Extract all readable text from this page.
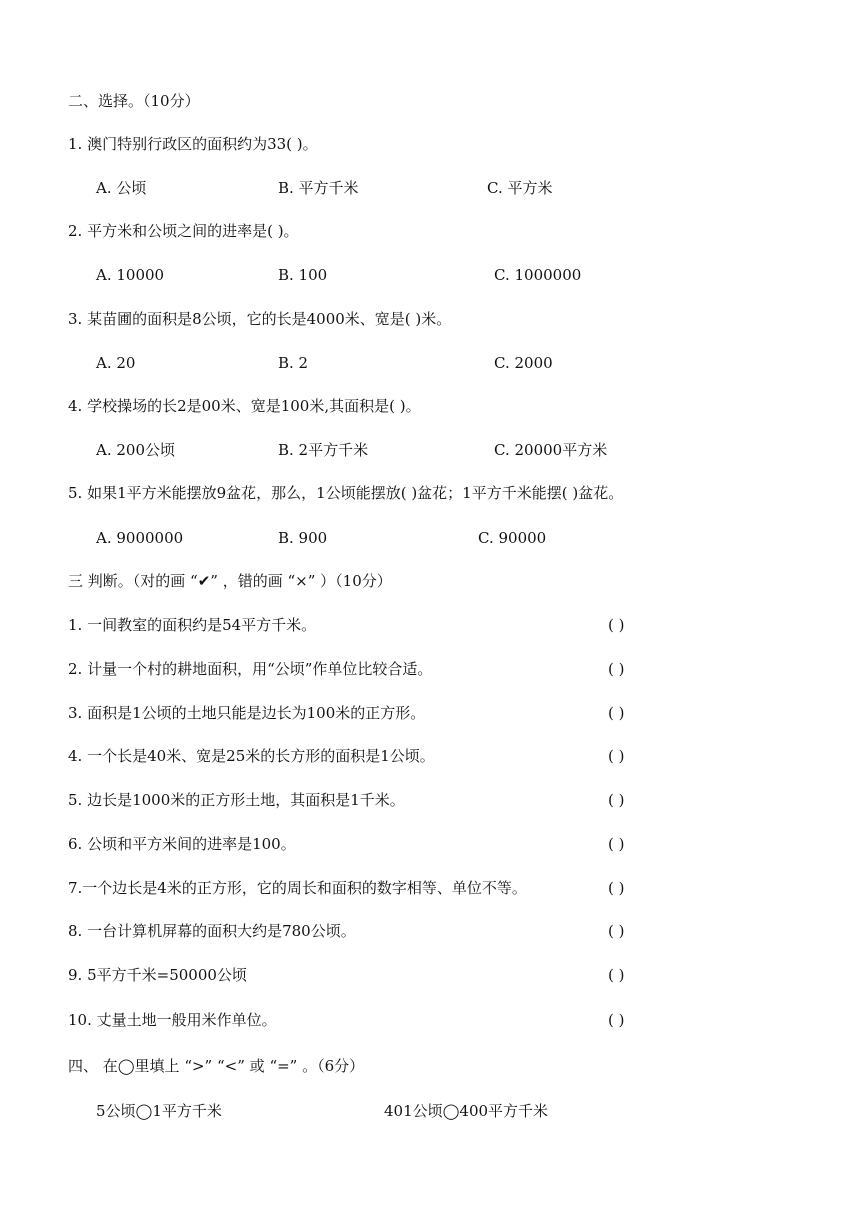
二、选择。（10分）
1. 澳门特别行政区的面积约为33( )。
A. 公顷	B. 平方千米	C. 平方米
2. 平方米和公顷之间的进率是( )。
A. 10000	B. 100	C. 1000000
3. 某苗圃的面积是8公顷，它的长是4000米、宽是( )米。
A. 20	B. 2	C. 2000
4. 学校操场的长2是00米、宽是100米,其面积是( )。
A. 200公顷	B. 2平方千米	C. 20000平方米
5. 如果1平方米能摆放9盆花，那么，1公顷能摆放( )盆花；1平方千米能摆( )盆花。
A. 9000000	B. 900	C. 90000
三 判断。（对的画 “✔” ，错的画 “×” ）（10分）
1. 一间教室的面积约是54平方千米。	( )
2. 计量一个村的耕地面积，用“公顷”作单位比较合适。	( )
3. 面积是1公顷的土地只能是边长为100米的正方形。	( )
4. 一个长是40米、宽是25米的长方形的面积是1公顷。	( )
5. 边长是1000米的正方形土地，其面积是1千米。	( )
6. 公顷和平方米间的进率是100。	( )
7.一个边长是4米的正方形，它的周长和面积的数字相等、单位不等。	( )
8. 一台计算机屏幕的面积大约是780公顷。	( )
9. 5平方千米=50000公顷	( )
10. 丈量土地一般用米作单位。	( )
四、 在◯里填上 “>” “<” 或 “=” 。（6分）
5公顷◯1平方千米	401公顷◯400平方千米
